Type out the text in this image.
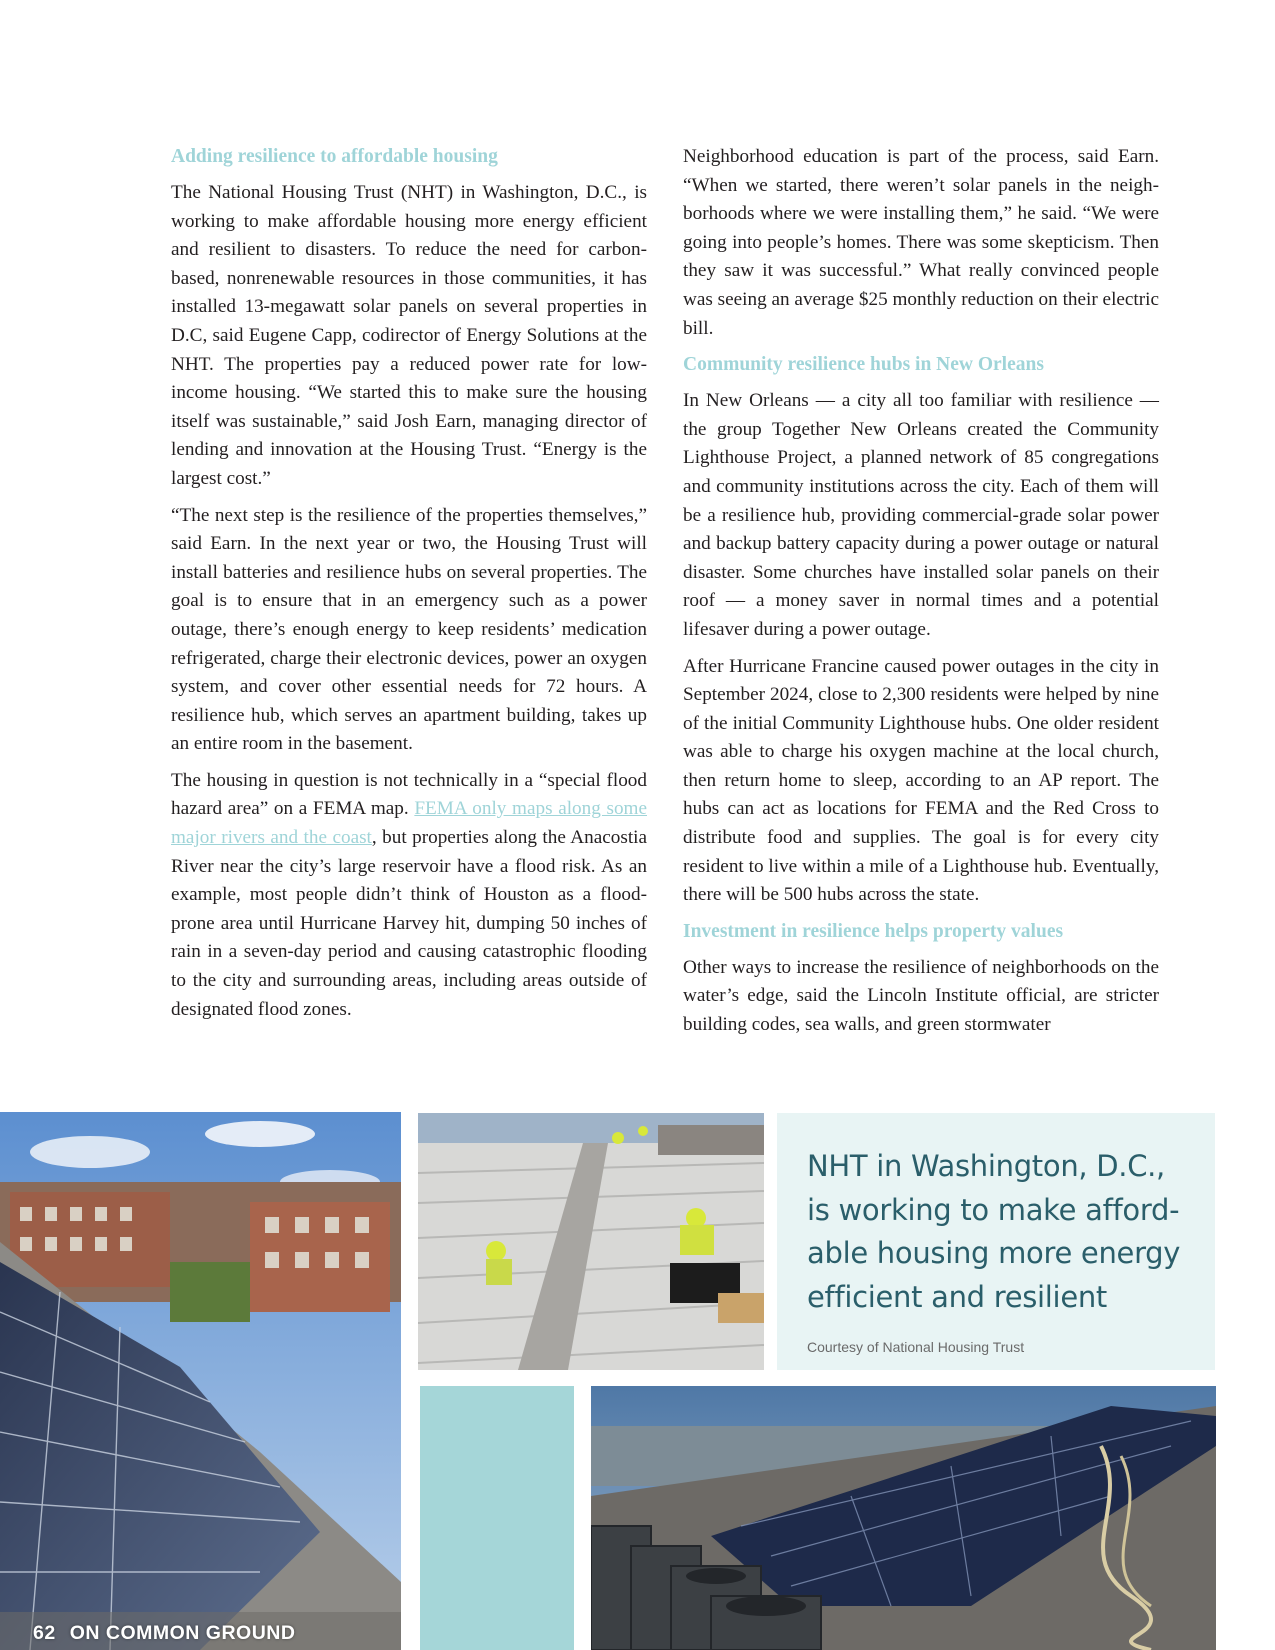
Adding resilience to affordable housing

The National Housing Trust (NHT) in Washington, D.C., is working to make affordable housing more energy efficient and resilient to disasters. To reduce the need for carbon-based, nonrenewable resources in those communities, it has installed 13-megawatt solar panels on several properties in D.C, said Eugene Capp, codirector of Energy Solutions at the NHT. The properties pay a reduced power rate for low-income housing. “We started this to make sure the housing itself was sustainable,” said Josh Earn, managing director of lending and innovation at the Housing Trust. “Energy is the largest cost.”

“The next step is the resilience of the properties themselves,” said Earn. In the next year or two, the Housing Trust will install batteries and resilience hubs on several properties. The goal is to ensure that in an emergency such as a power outage, there’s enough energy to keep residents’ medication refrigerated, charge their electronic devices, power an oxygen system, and cover other essential needs for 72 hours. A resilience hub, which serves an apartment building, takes up an entire room in the basement.

The housing in question is not technically in a “special flood hazard area” on a FEMA map. FEMA only maps along some major rivers and the coast, but properties along the Anacostia River near the city’s large reservoir have a flood risk. As an example, most people didn’t think of Houston as a flood-prone area until Hurricane Harvey hit, dumping 50 inches of rain in a seven-day period and causing catastrophic flooding to the city and surrounding areas, including areas outside of designated flood zones.

Neighborhood education is part of the process, said Earn. “When we started, there weren’t solar panels in the neighborhoods where we were installing them,” he said. “We were going into people’s homes. There was some skepticism. Then they saw it was successful.” What really convinced people was seeing an average $25 monthly reduction on their electric bill.

Community resilience hubs in New Orleans

In New Orleans — a city all too familiar with resilience — the group Together New Orleans created the Community Lighthouse Project, a planned network of 85 congregations and community institutions across the city. Each of them will be a resilience hub, providing commercial-grade solar power and backup battery capacity during a power outage or natural disaster. Some churches have installed solar panels on their roof — a money saver in normal times and a potential lifesaver during a power outage.

After Hurricane Francine caused power outages in the city in September 2024, close to 2,300 residents were helped by nine of the initial Community Lighthouse hubs. One older resident was able to charge his oxygen machine at the local church, then return home to sleep, according to an AP report. The hubs can act as locations for FEMA and the Red Cross to distribute food and supplies. The goal is for every city resident to live within a mile of a Lighthouse hub. Eventually, there will be 500 hubs across the state.

Investment in resilience helps property values

Other ways to increase the resilience of neighborhoods on the water’s edge, said the Lincoln Institute official, are stricter building codes, sea walls, and green stormwater

NHT in Washington, D.C., is working to make affordable housing more energy efficient and resilient

Courtesy of National Housing Trust
62 ON COMMON GROUND
